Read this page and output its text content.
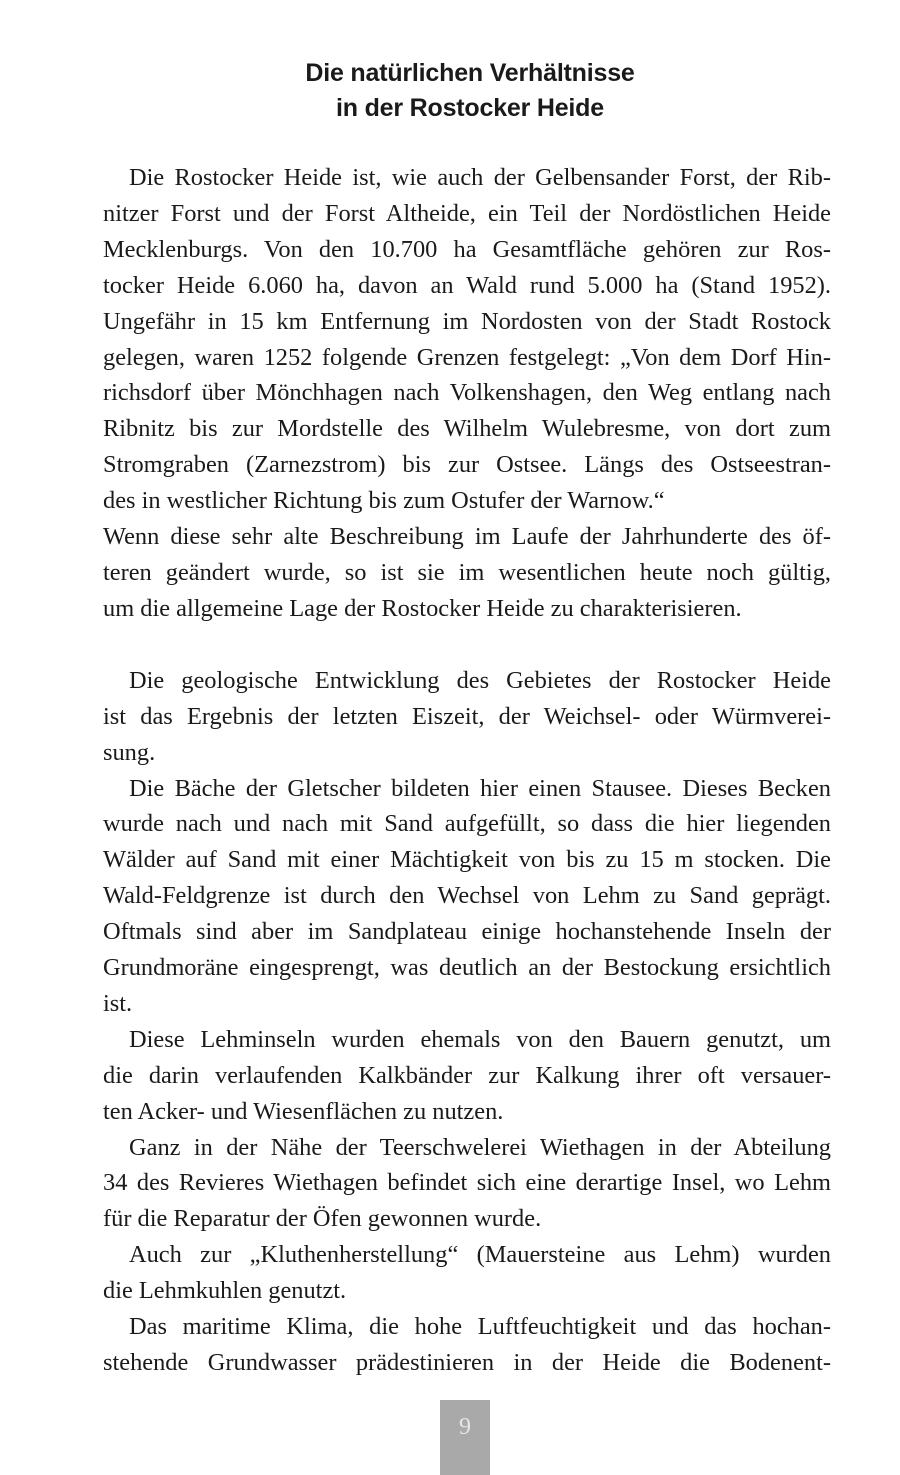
Die natürlichen Verhältnisse
in der Rostocker Heide
Die Rostocker Heide ist, wie auch der Gelbensander Forst, der Rib-
nitzer Forst und der Forst Altheide, ein Teil der Nordöstlichen Heide
Mecklenburgs. Von den 10.700 ha Gesamtfläche gehören zur Ros-
tocker Heide 6.060 ha, davon an Wald rund 5.000 ha (Stand 1952).
Ungefähr in 15 km Entfernung im Nordosten von der Stadt Rostock
gelegen, waren 1252 folgende Grenzen festgelegt: „Von dem Dorf Hin-
richsdorf über Mönchhagen nach Volkenshagen, den Weg entlang nach
Ribnitz bis zur Mordstelle des Wilhelm Wulebresme, von dort zum
Stromgraben (Zarnezstrom) bis zur Ostsee. Längs des Ostseestran-
des in westlicher Richtung bis zum Ostufer der Warnow.“
Wenn diese sehr alte Beschreibung im Laufe der Jahrhunderte des öf-
teren geändert wurde, so ist sie im wesentlichen heute noch gültig,
um die allgemeine Lage der Rostocker Heide zu charakterisieren.
Die geologische Entwicklung des Gebietes der Rostocker Heide
ist das Ergebnis der letzten Eiszeit, der Weichsel- oder Würmverei-
sung.
Die Bäche der Gletscher bildeten hier einen Stausee. Dieses Becken
wurde nach und nach mit Sand aufgefüllt, so dass die hier liegenden
Wälder auf Sand mit einer Mächtigkeit von bis zu 15 m stocken. Die
Wald-Feldgrenze ist durch den Wechsel von Lehm zu Sand geprägt.
Oftmals sind aber im Sandplateau einige hochanstehende Inseln der
Grundmoräne eingesprengt, was deutlich an der Bestockung ersichtlich
ist.
Diese Lehminseln wurden ehemals von den Bauern genutzt, um
die darin verlaufenden Kalkbänder zur Kalkung ihrer oft versauer-
ten Acker- und Wiesenflächen zu nutzen.
Ganz in der Nähe der Teerschwelerei Wiethagen in der Abteilung
34 des Revieres Wiethagen befindet sich eine derartige Insel, wo Lehm
für die Reparatur der Öfen gewonnen wurde.
Auch zur „Kluthenherstellung“ (Mauersteine aus Lehm) wurden
die Lehmkuhlen genutzt.
Das maritime Klima, die hohe Luftfeuchtigkeit und das hochan-
stehende Grundwasser prädestinieren in der Heide die Bodenent-
9
